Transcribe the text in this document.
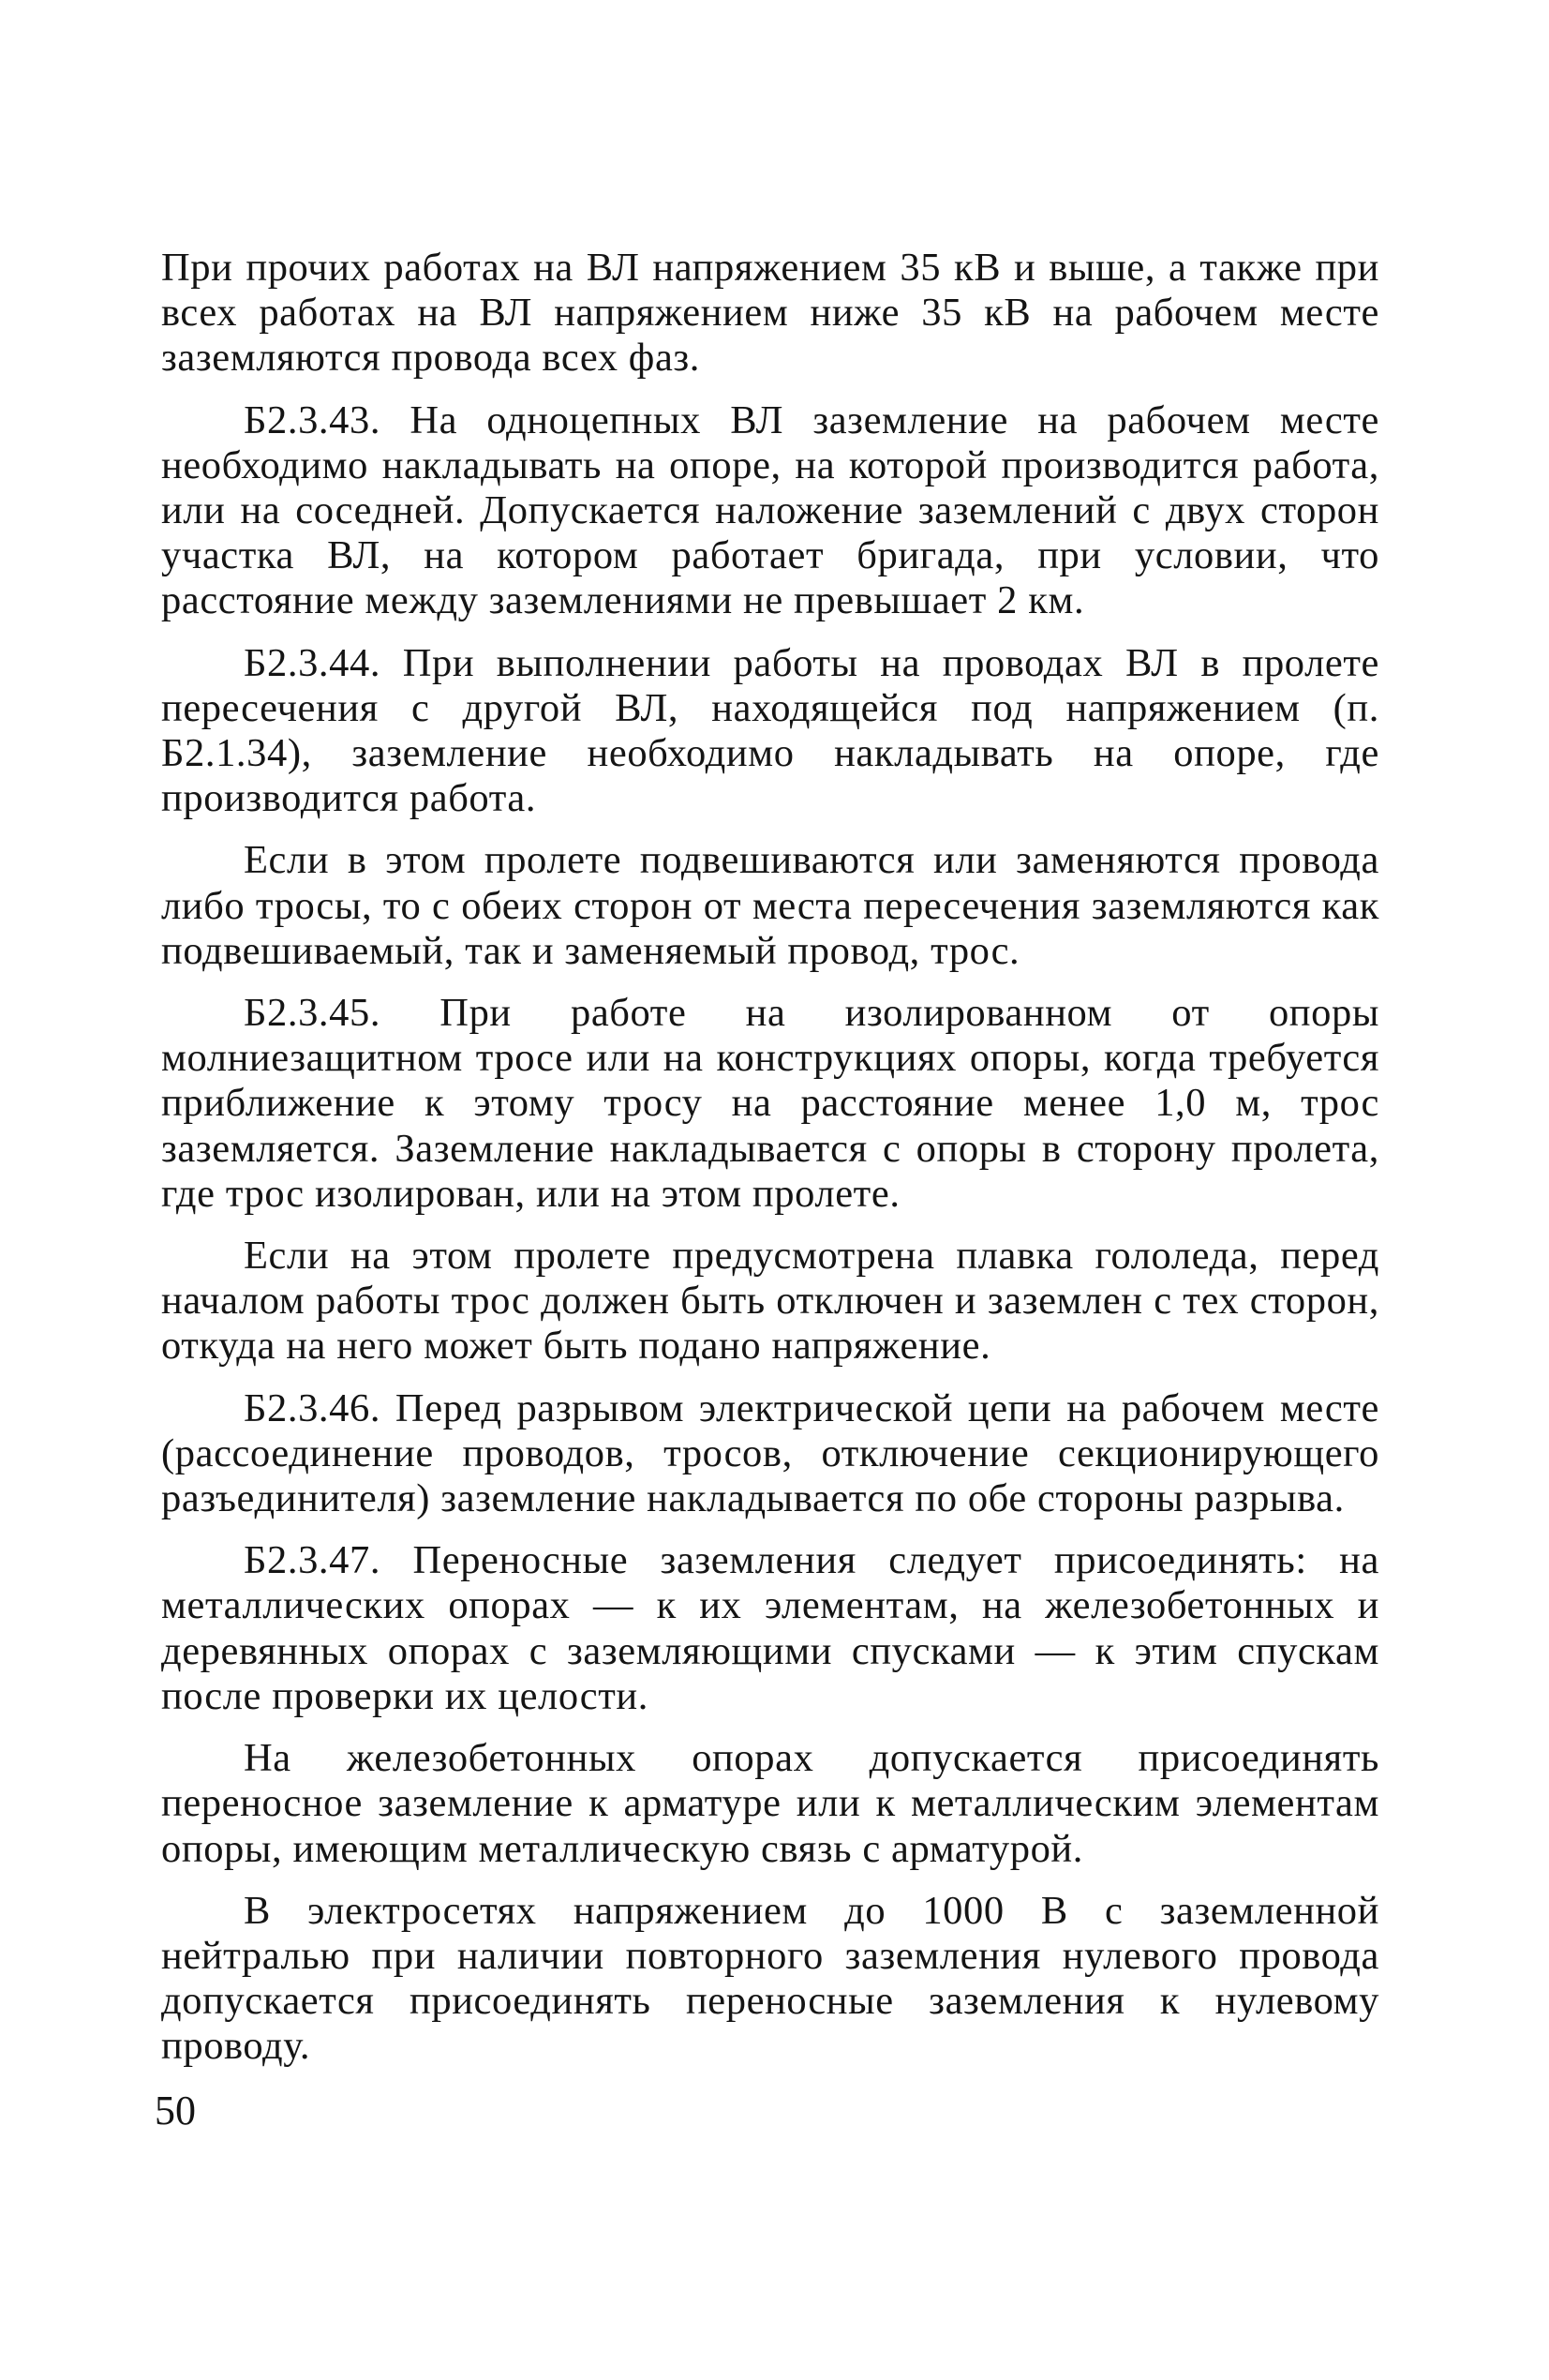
При прочих работах на ВЛ напряжением 35 кВ и выше, а также при всех работах на ВЛ напряжением ниже 35 кВ на рабочем месте заземляются провода всех фаз.

Б2.3.43. На одноцепных ВЛ заземление на рабочем месте необходимо накладывать на опоре, на которой производится работа, или на соседней. Допускается наложение заземлений с двух сторон участка ВЛ, на котором работает бригада, при условии, что расстояние между заземлениями не превышает 2 км.

Б2.3.44. При выполнении работы на проводах ВЛ в пролете пересечения с другой ВЛ, находящейся под напряжением (п. Б2.1.34), заземление необходимо накладывать на опоре, где производится работа.

Если в этом пролете подвешиваются или заменяются провода либо тросы, то с обеих сторон от места пересечения заземляются как подвешиваемый, так и заменяемый провод, трос.

Б2.3.45. При работе на изолированном от опоры молниезащитном тросе или на конструкциях опоры, когда требуется приближение к этому тросу на расстояние менее 1,0 м, трос заземляется. Заземление накладывается с опоры в сторону пролета, где трос изолирован, или на этом пролете.

Если на этом пролете предусмотрена плавка гололеда, перед началом работы трос должен быть отключен и заземлен с тех сторон, откуда на него может быть подано напряжение.

Б2.3.46. Перед разрывом электрической цепи на рабочем месте (рассоединение проводов, тросов, отключение секционирующего разъединителя) заземление накладывается по обе стороны разрыва.

Б2.3.47. Переносные заземления следует присоединять: на металлических опорах — к их элементам, на железобетонных и деревянных опорах с заземляющими спусками — к этим спускам после проверки их целости.

На железобетонных опорах допускается присоединять переносное заземление к арматуре или к металлическим элементам опоры, имеющим металлическую связь с арматурой.

В электросетях напряжением до 1000 В с заземленной нейтралью при наличии повторного заземления нулевого провода допускается присоединять переносные заземления к нулевому проводу.

50
